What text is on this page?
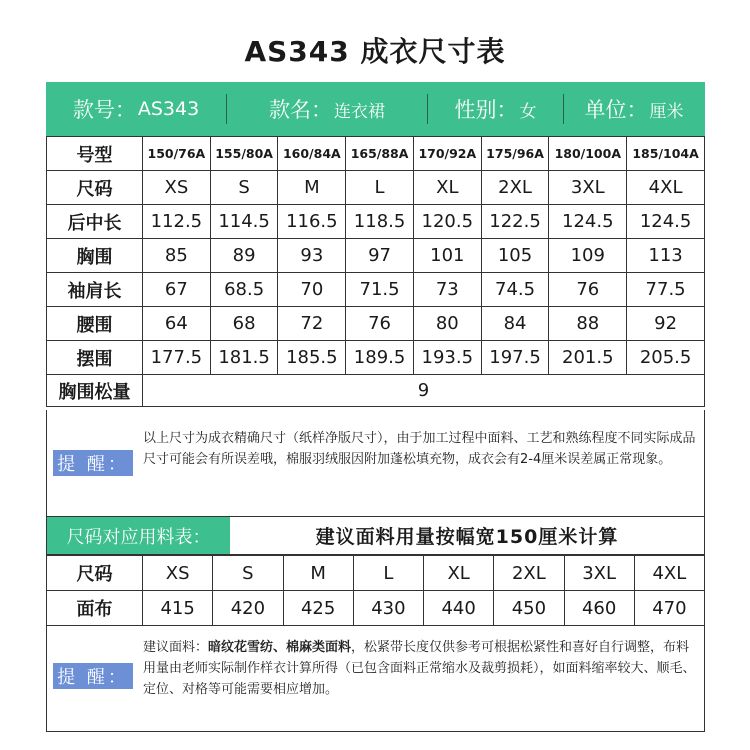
AS343 成衣尺寸表
款号： AS343	款名： 连衣裙	性别： 女 单位： 厘米
号型	150/76A	155/80A	160/84A	165/88A	170/92A	175/96A	180/100A	185/104A
尺码	XS	S	M	L	XL	2XL	3XL	4XL
后中长	112.5	114.5	116.5	118.5	120.5	122.5	124.5	124.5
胸围	85	89	93	97	101	105	109	113
袖肩长	67	68.5	70	71.5	73	74.5	76	77.5
腰围	64	68	72	76	80	84	88	92
摆围	177.5	181.5	185.5	189.5	193.5	197.5	201.5	205.5
胸围松量	9							
提 醒：
以上尺寸为成衣精确尺寸（纸样净版尺寸），由于加工过程中面料、工艺和熟练程度不同实际成品尺寸可能会有所误差哦，棉服羽绒服因附加蓬松填充物，成衣会有2-4厘米误差属正常现象。
尺码对应用料表：	建议面料用量按幅宽150厘米计算
尺码	XS	S	M	L	XL	2XL	3XL	4XL
面布	415	420	425	430	440	450	460	470
提 醒：
建议面料：暗纹花雪纺、棉麻类面料，松紧带长度仅供参考可根据松紧性和喜好自行调整，布料用量由老师实际制作样衣计算所得（已包含面料正常缩水及裁剪损耗），如面料缩率较大、顺毛、定位、对格等可能需要相应增加。
